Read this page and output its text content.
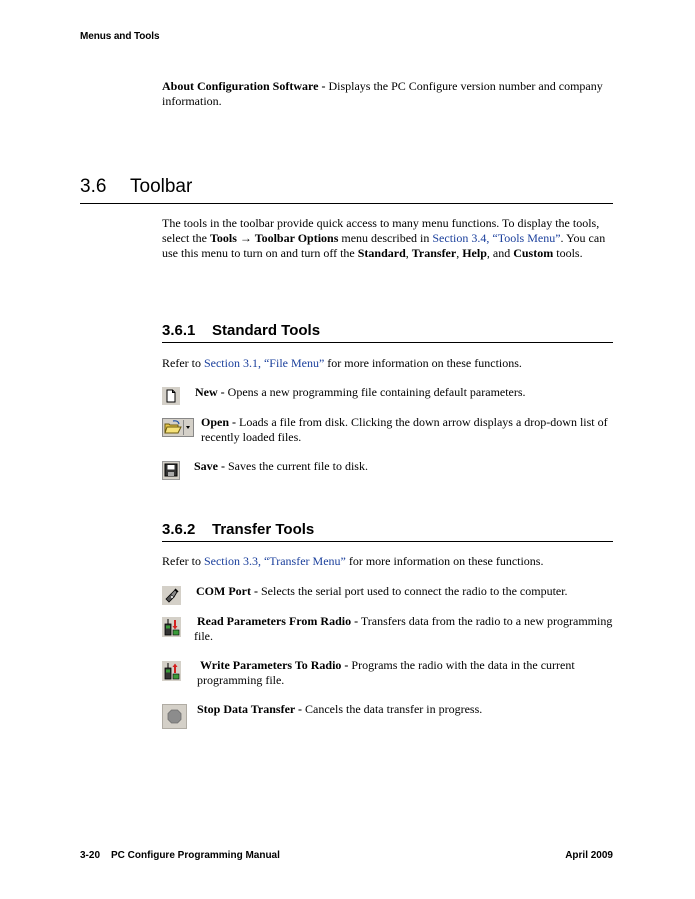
Menus and Tools
About Configuration Software - Displays the PC Configure version number and company information.
3.6 Toolbar
The tools in the toolbar provide quick access to many menu functions. To display the tools, select the Tools → Toolbar Options menu described in Section 3.4, “Tools Menu”. You can use this menu to turn on and turn off the Standard, Transfer, Help, and Custom tools.
3.6.1 Standard Tools
Refer to Section 3.1, “File Menu” for more information on these functions.
New - Opens a new programming file containing default parameters.
Open - Loads a file from disk. Clicking the down arrow displays a drop-down list of recently loaded files.
Save - Saves the current file to disk.
3.6.2 Transfer Tools
Refer to Section 3.3, “Transfer Menu” for more information on these functions.
COM Port - Selects the serial port used to connect the radio to the computer.
Read Parameters From Radio - Transfers data from the radio to a new programming file.
Write Parameters To Radio - Programs the radio with the data in the current programming file.
Stop Data Transfer - Cancels the data transfer in progress.
3-20 PC Configure Programming Manual	April 2009
